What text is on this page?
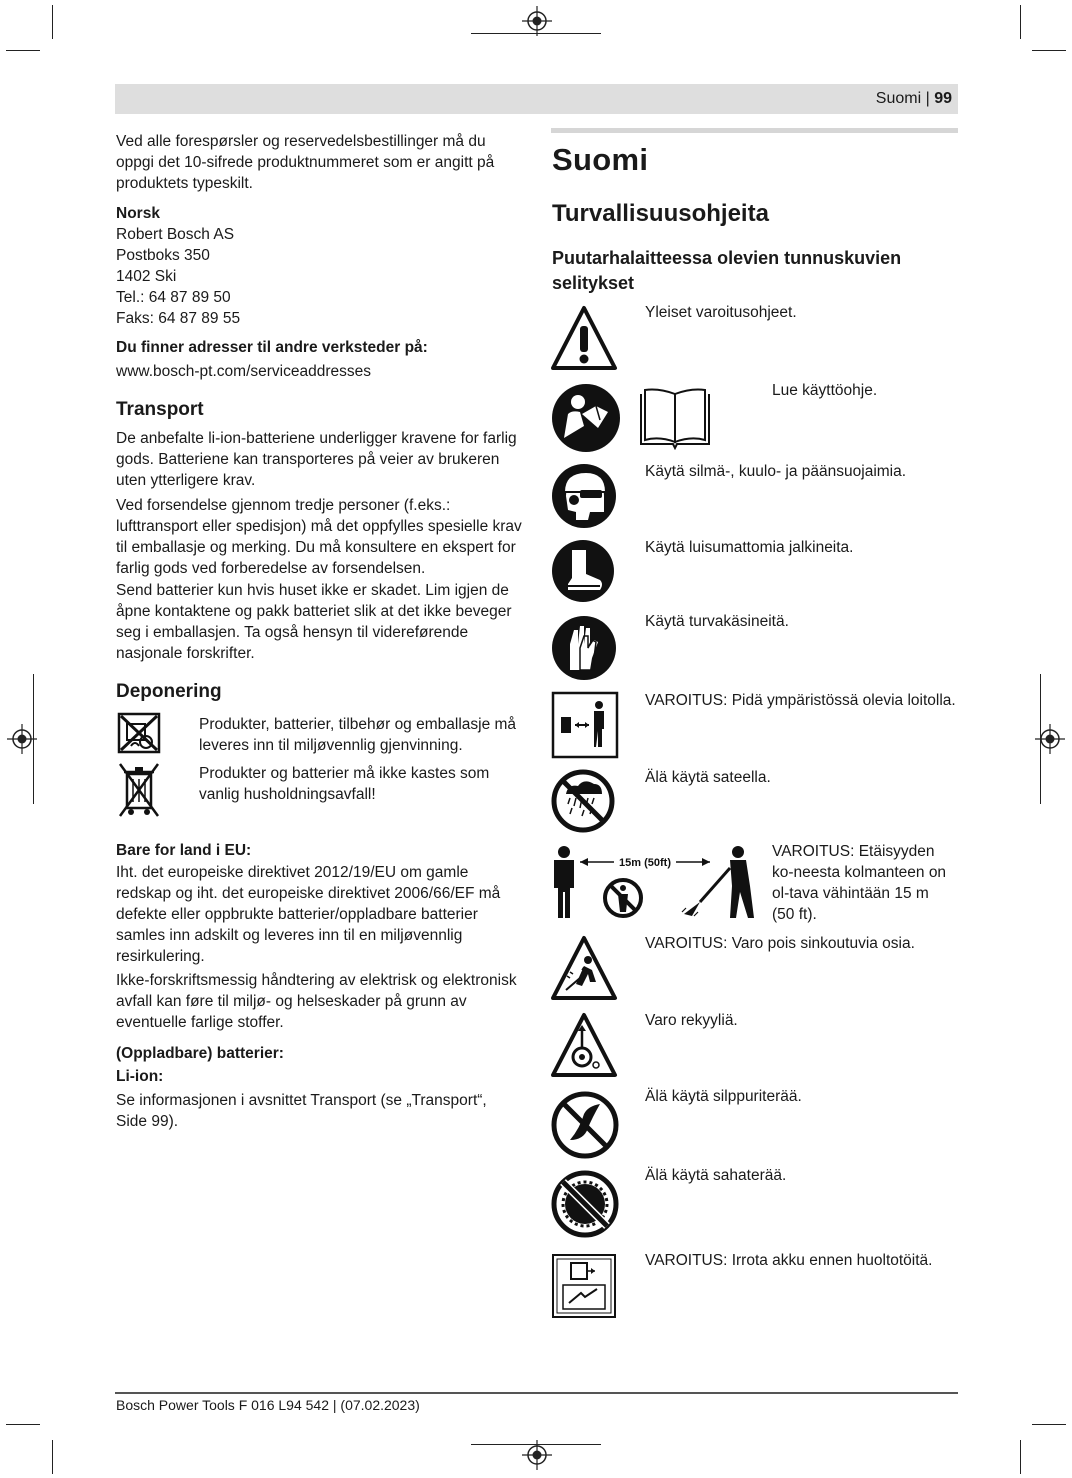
Suomi | 99
Ved alle forespørsler og reservedelsbestillinger må du oppgi det 10-sifrede produktnummeret som er angitt på produktets typeskilt.

Norsk

Robert Bosch AS

Postboks 350

1402 Ski

Tel.: 64 87 89 50

Faks: 64 87 89 55

Du finner adresser til andre verksteder på:
www.bosch-pt.com/serviceaddresses
Transport
De anbefalte li-ion-batteriene underligger kravene for farlig gods. Batteriene kan transporteres på veier av brukeren uten ytterligere krav.
Ved forsendelse gjennom tredje personer (f.eks.: lufttransport eller spedisjon) må det oppfylles spesielle krav til emballasje og merking. Du må konsultere en ekspert for farlig gods ved forberedelse av forsendelsen.
Send batterier kun hvis huset ikke er skadet. Lim igjen de åpne kontaktene og pakk batteriet slik at det ikke beveger seg i emballasjen. Ta også hensyn til videreførende nasjonale forskrifter.
Deponering
Produkter, batterier, tilbehør og emballasje må leveres inn til miljøvennlig gjenvinning.
Produkter og batterier må ikke kastes som vanlig husholdningsavfall!
Bare for land i EU:
Iht. det europeiske direktivet 2012/19/EU om gamle redskap og iht. det europeiske direktivet 2006/66/EF må defekte eller oppbrukte batterier/oppladbare batterier samles inn adskilt og leveres inn til en miljøvennlig resirkulering.
Ikke-forskriftsmessig håndtering av elektrisk og elektronisk avfall kan føre til miljø- og helseskader på grunn av eventuelle farlige stoffer.
(Oppladbare) batterier:
Li-ion:
Se informasjonen i avsnittet Transport (se „Transport“, Side 99).
Suomi
Turvallisuusohjeita
Puutarhalaitteessa olevien tunnuskuvien selitykset
Yleiset varoitusohjeet.
Lue käyttöohje.
Käytä silmä-, kuulo- ja päänsuojaimia.
Käytä luisumattomia jalkineita.
Käytä turvakäsineitä.
VAROITUS: Pidä ympäristössä olevia loitolla.
Älä käytä sateella.
15m (50ft)
VAROITUS: Etäisyyden ko-neesta kolmanteen on ol-tava vähintään 15 m (50 ft).
VAROITUS: Varo pois sinkoutuvia osia.
Varo rekyyliä.
Älä käytä silppuriterää.
Älä käytä sahaterää.
VAROITUS: Irrota akku ennen huoltotöitä.
Bosch Power Tools F 016 L94 542 | (07.02.2023)
